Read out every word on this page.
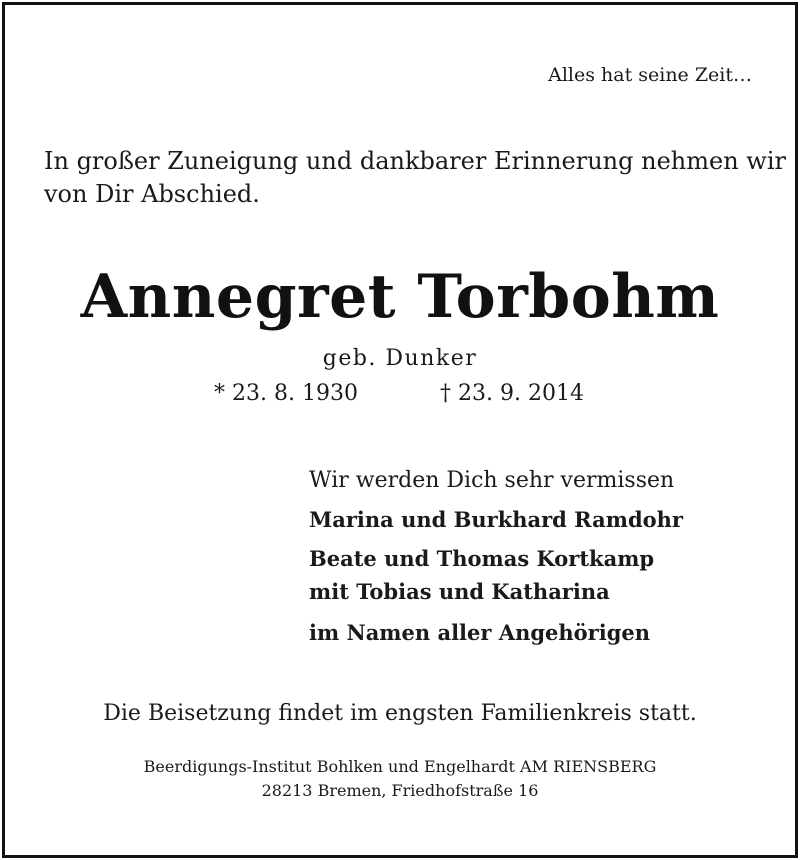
Alles hat seine Zeit…
In großer Zuneigung und dankbarer Erinnerung nehmen wir
von Dir Abschied.
Annegret Torbohm
geb. Dunker
* 23. 8. 1930	† 23. 9. 2014
Wir werden Dich sehr vermissen
Marina und Burkhard Ramdohr
Beate und Thomas Kortkamp
mit Tobias und Katharina
im Namen aller Angehörigen
Die Beisetzung findet im engsten Familienkreis statt.
Beerdigungs-Institut Bohlken und Engelhardt AM RIENSBERG
28213 Bremen, Friedhofstraße 16
